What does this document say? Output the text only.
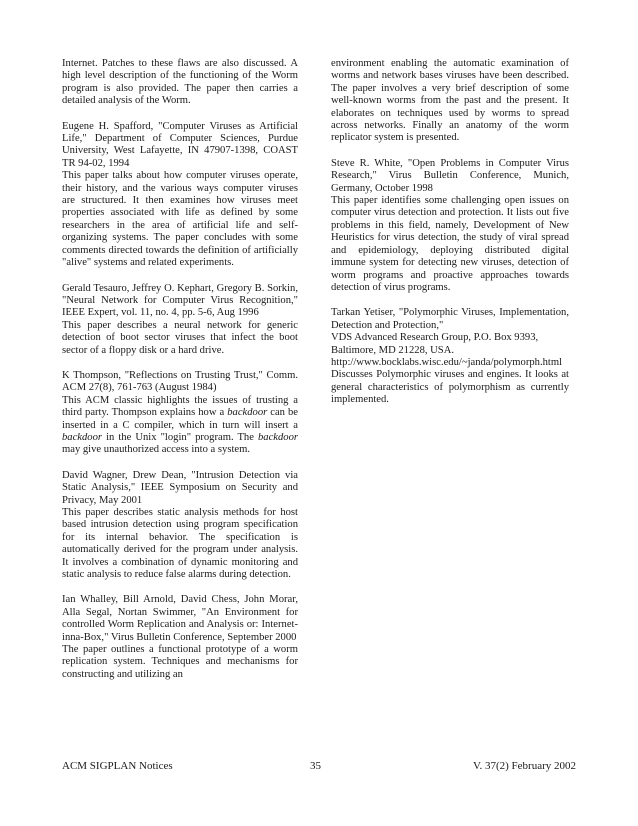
Internet. Patches to these flaws are also discussed. A high level description of the functioning of the Worm program is also provided. The paper then carries a detailed analysis of the Worm.

Eugene H. Spafford, "Computer Viruses as Artificial Life," Department of Computer Sciences, Purdue University, West Lafayette, IN 47907-1398, COAST TR 94-02, 1994
This paper talks about how computer viruses operate, their history, and the various ways computer viruses are structured. It then examines how viruses meet properties associated with life as defined by some researchers in the area of artificial life and self-organizing systems. The paper concludes with some comments directed towards the definition of artificially "alive" systems and related experiments.
Gerald Tesauro, Jeffrey O. Kephart, Gregory B. Sorkin, "Neural Network for Computer Virus Recognition," IEEE Expert, vol. 11, no. 4, pp. 5-6, Aug 1996
This paper describes a neural network for generic detection of boot sector viruses that infect the boot sector of a floppy disk or a hard drive.
K Thompson, "Reflections on Trusting Trust," Comm. ACM 27(8), 761-763 (August 1984)
This ACM classic highlights the issues of trusting a third party. Thompson explains how a backdoor can be inserted in a C compiler, which in turn will insert a backdoor in the Unix "login" program. The backdoor may give unauthorized access into a system.
David Wagner, Drew Dean, "Intrusion Detection via Static Analysis," IEEE Symposium on Security and Privacy, May 2001
This paper describes static analysis methods for host based intrusion detection using program specification for its internal behavior. The specification is automatically derived for the program under analysis. It involves a combination of dynamic monitoring and static analysis to reduce false alarms during detection.
Ian Whalley, Bill Arnold, David Chess, John Morar, Alla Segal, Nortan Swimmer, "An Environment for controlled Worm Replication and Analysis or: Internet-inna-Box," Virus Bulletin Conference, September 2000
The paper outlines a functional prototype of a worm replication system. Techniques and mechanisms for constructing and utilizing an

environment enabling the automatic examination of worms and network bases viruses have been described. The paper involves a very brief description of some well-known worms from the past and the present. It elaborates on techniques used by worms to spread across networks. Finally an anatomy of the worm replicator system is presented.

Steve R. White, "Open Problems in Computer Virus Research," Virus Bulletin Conference, Munich, Germany, October 1998
This paper identifies some challenging open issues on computer virus detection and protection. It lists out five problems in this field, namely, Development of New Heuristics for virus detection, the study of viral spread and epidemiology, deploying distributed digital immune system for detecting new viruses, detection of worm programs and proactive approaches towards detection of virus programs.
Tarkan Yetiser, "Polymorphic Viruses, Implementation, Detection and Protection,"
VDS Advanced Research Group, P.O. Box 9393, Baltimore, MD 21228, USA.
http://www.bocklabs.wisc.edu/~janda/polymorph.html
Discusses Polymorphic viruses and engines. It looks at general characteristics of polymorphism as currently implemented.
ACM SIGPLAN Notices	35	V. 37(2) February 2002
